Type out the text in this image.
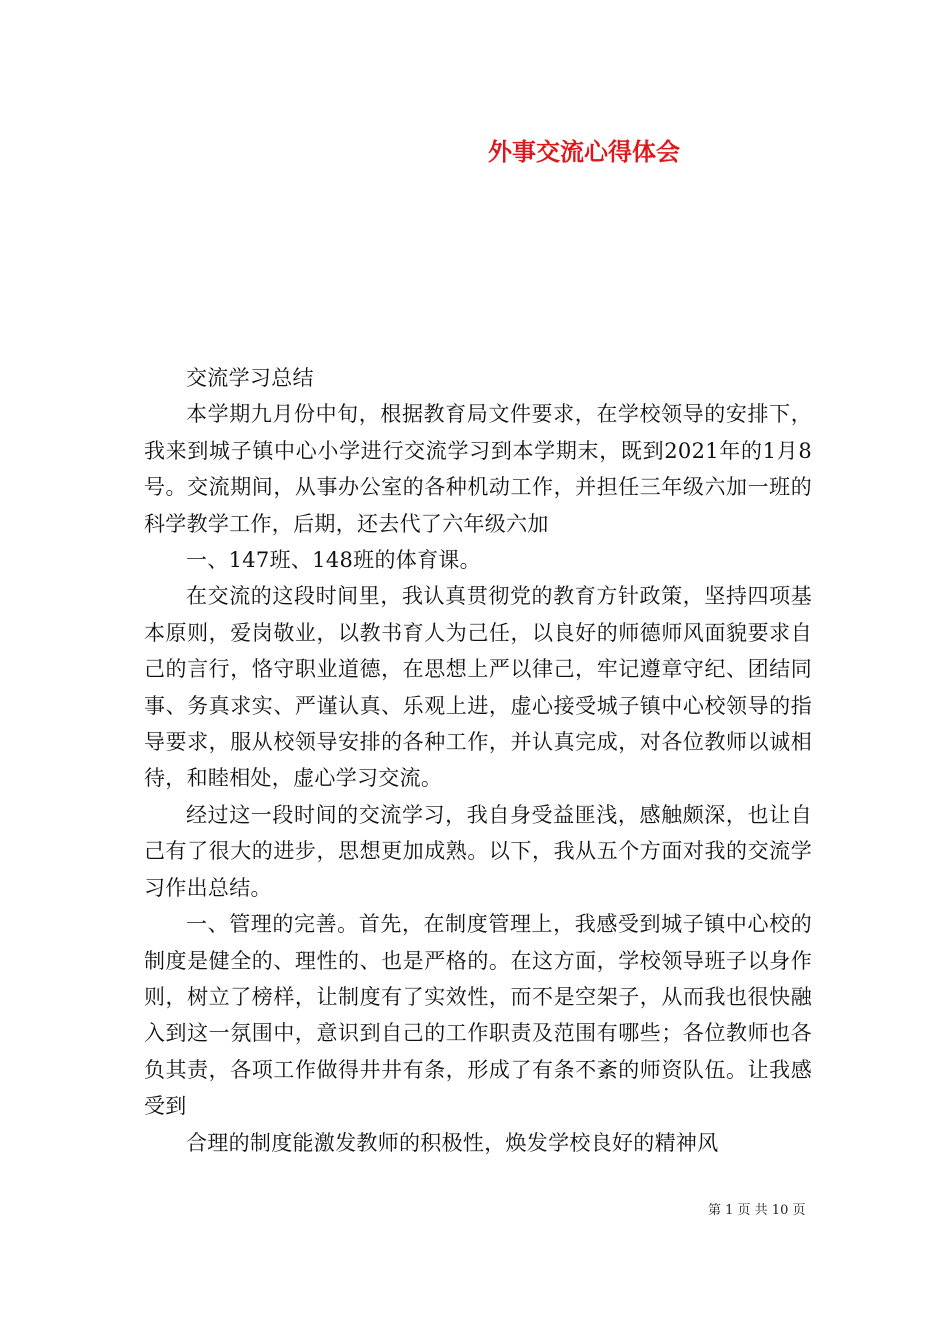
外事交流心得体会

交流学习总结

本学期九月份中旬，根据教育局文件要求，在学校领导的安排下，我来到城子镇中心小学进行交流学习到本学期末，既到2021年的1月8号。交流期间，从事办公室的各种机动工作，并担任三年级六加一班的科学教学工作，后期，还去代了六年级六加

一、147班、148班的体育课。

在交流的这段时间里，我认真贯彻党的教育方针政策，坚持四项基本原则，爱岗敬业，以教书育人为己任，以良好的师德师风面貌要求自己的言行，恪守职业道德，在思想上严以律己，牢记遵章守纪、团结同事、务真求实、严谨认真、乐观上进，虚心接受城子镇中心校领导的指导要求，服从校领导安排的各种工作，并认真完成，对各位教师以诚相待，和睦相处，虚心学习交流。

经过这一段时间的交流学习，我自身受益匪浅，感触颇深，也让自己有了很大的进步，思想更加成熟。以下，我从五个方面对我的交流学习作出总结。

一、管理的完善。首先，在制度管理上，我感受到城子镇中心校的制度是健全的、理性的、也是严格的。在这方面，学校领导班子以身作则，树立了榜样，让制度有了实效性，而不是空架子，从而我也很快融入到这一氛围中，意识到自己的工作职责及范围有哪些；各位教师也各负其责，各项工作做得井井有条，形成了有条不紊的师资队伍。让我感受到

合理的制度能激发教师的积极性，焕发学校良好的精神风

第 1 页 共 10 页
